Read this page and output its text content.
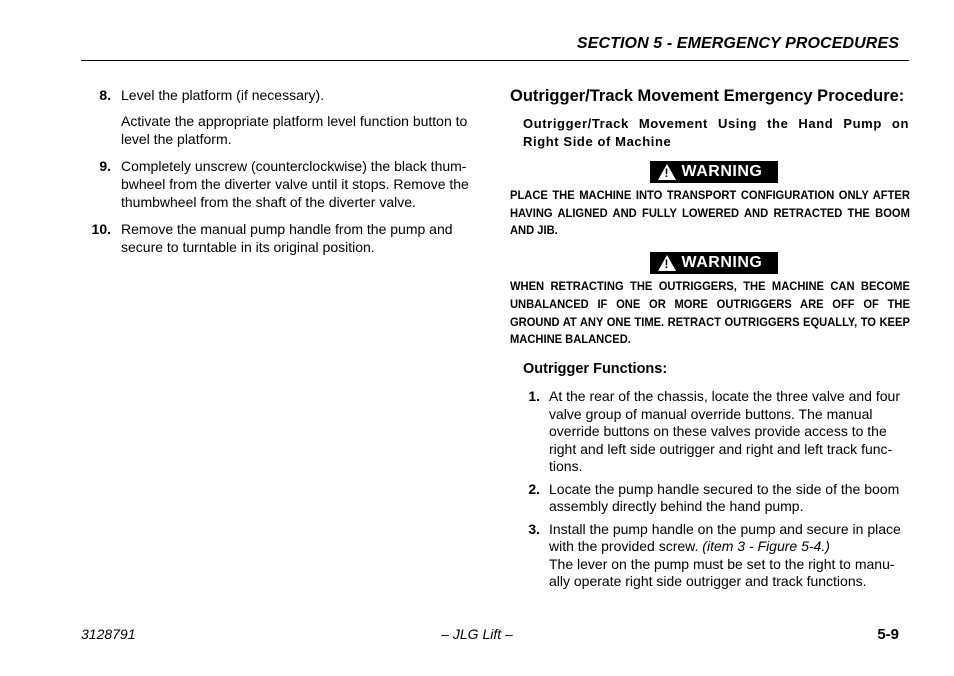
SECTION 5 - EMERGENCY PROCEDURES
8. Level the platform (if necessary).

Activate the appropriate platform level function button to level the platform.

9. Completely unscrew (counterclockwise) the black thum-bwheel from the diverter valve until it stops. Remove the thumbwheel from the shaft of the diverter valve.

10. Remove the manual pump handle from the pump and secure to turntable in its original position.

Outrigger/Track Movement Emergency Procedure:

Outrigger/Track Movement Using the Hand Pump on Right Side of Machine

! WARNING

PLACE THE MACHINE INTO TRANSPORT CONFIGURATION ONLY AFTER HAVING ALIGNED AND FULLY LOWERED AND RETRACTED THE BOOM AND JIB.

! WARNING

WHEN RETRACTING THE OUTRIGGERS, THE MACHINE CAN BECOME UNBALANCED IF ONE OR MORE OUTRIGGERS ARE OFF OF THE GROUND AT ANY ONE TIME. RETRACT OUTRIGGERS EQUALLY, TO KEEP MACHINE BALANCED.

Outrigger Functions:
1. At the rear of the chassis, locate the three valve and four valve group of manual override buttons. The manual override buttons on these valves provide access to the right and left side outrigger and right and left track func-tions.

2. Locate the pump handle secured to the side of the boom assembly directly behind the hand pump.

3. Install the pump handle on the pump and secure in place with the provided screw. (item 3 - Figure 5-4.)
The lever on the pump must be set to the right to manu-ally operate right side outrigger and track functions.

3128791	– JLG Lift –	5-9
